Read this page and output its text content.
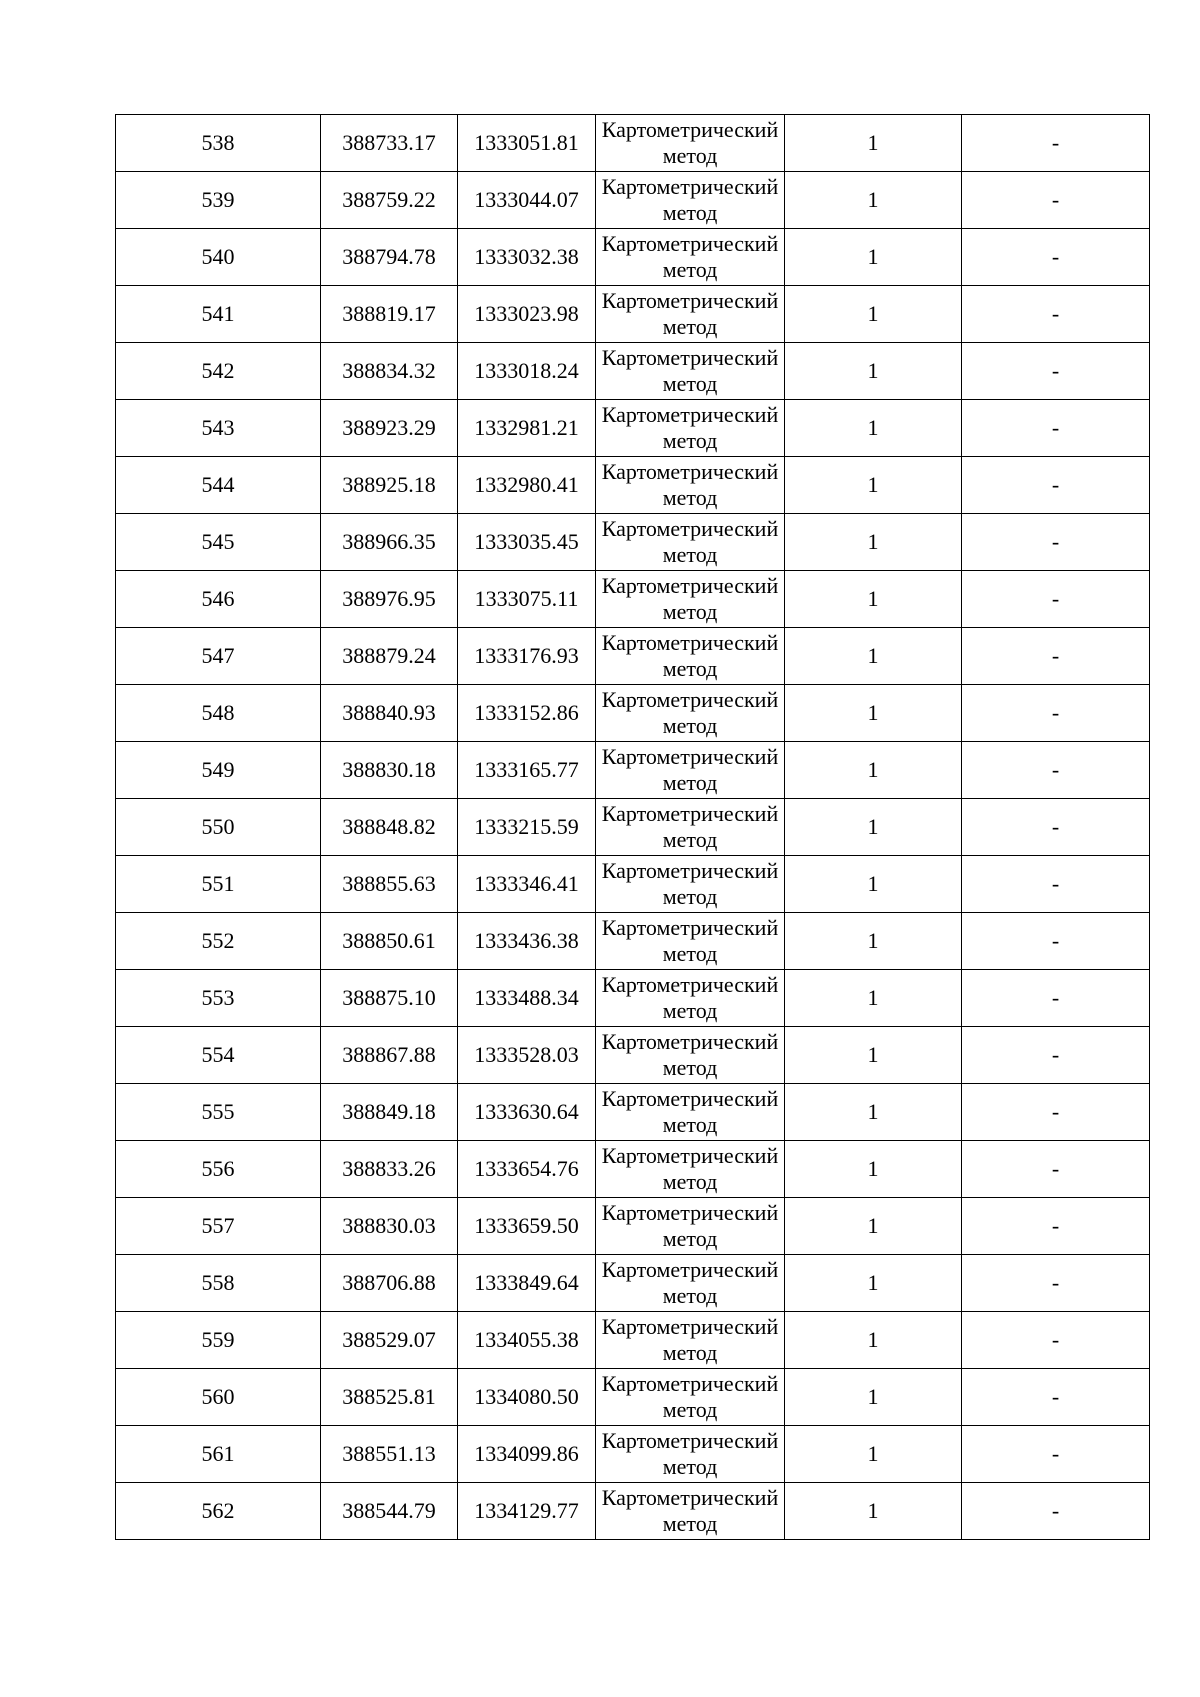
538	388733.17	1333051.81	Картометрический метод	1	-
539	388759.22	1333044.07	Картометрический метод	1	-
540	388794.78	1333032.38	Картометрический метод	1	-
541	388819.17	1333023.98	Картометрический метод	1	-
542	388834.32	1333018.24	Картометрический метод	1	-
543	388923.29	1332981.21	Картометрический метод	1	-
544	388925.18	1332980.41	Картометрический метод	1	-
545	388966.35	1333035.45	Картометрический метод	1	-
546	388976.95	1333075.11	Картометрический метод	1	-
547	388879.24	1333176.93	Картометрический метод	1	-
548	388840.93	1333152.86	Картометрический метод	1	-
549	388830.18	1333165.77	Картометрический метод	1	-
550	388848.82	1333215.59	Картометрический метод	1	-
551	388855.63	1333346.41	Картометрический метод	1	-
552	388850.61	1333436.38	Картометрический метод	1	-
553	388875.10	1333488.34	Картометрический метод	1	-
554	388867.88	1333528.03	Картометрический метод	1	-
555	388849.18	1333630.64	Картометрический метод	1	-
556	388833.26	1333654.76	Картометрический метод	1	-
557	388830.03	1333659.50	Картометрический метод	1	-
558	388706.88	1333849.64	Картометрический метод	1	-
559	388529.07	1334055.38	Картометрический метод	1	-
560	388525.81	1334080.50	Картометрический метод	1	-
561	388551.13	1334099.86	Картометрический метод	1	-
562	388544.79	1334129.77	Картометрический метод	1	-
